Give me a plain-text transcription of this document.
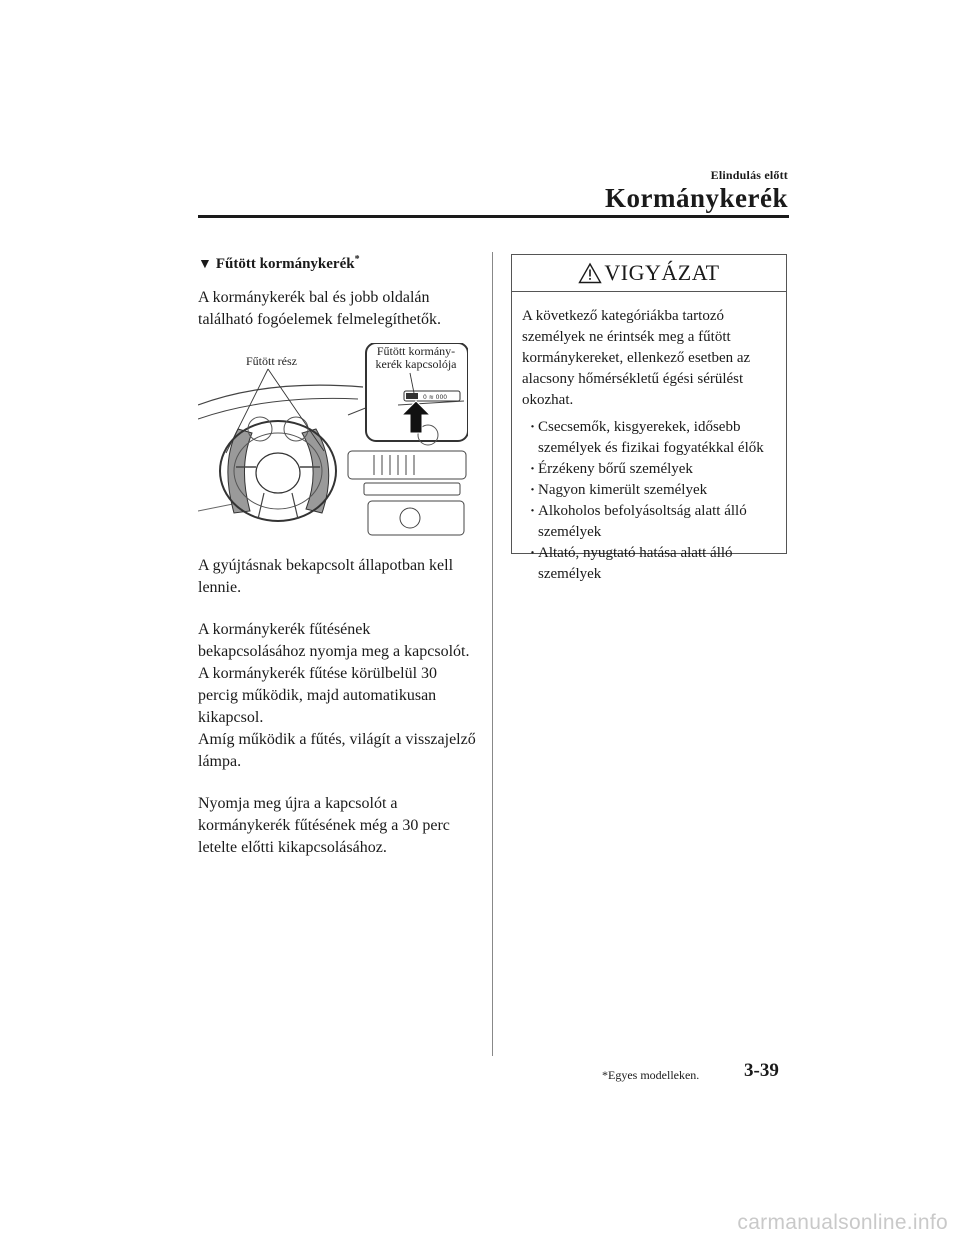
Elindulás előtt
Kormánykerék
▼ Fűtött kormánykerék*

A kormánykerék bal és jobb oldalán található fogóelemek felmelegíthetők.

0 ≋ 000
Fűtött rész
Fűtött kormány-
kerék kapcsolója

A gyújtásnak bekapcsolt állapotban kell lennie.

A kormánykerék fűtésének bekapcsolásához nyomja meg a kapcsolót. A kormánykerék fűtése körülbelül 30 percig működik, majd automatikusan kikapcsol.

Amíg működik a fűtés, világít a visszajelző lámpa.

Nyomja meg újra a kapcsolót a kormánykerék fűtésének még a 30 perc letelte előtti kikapcsolásához.

VIGYÁZAT

A következő kategóriákba tartozó személyek ne érintsék meg a fűtött kormánykereket, ellenkező esetben az alacsony hőmérsékletű égési sérülést okozhat.

· Csecsemők, kisgyerekek, idősebb személyek és fizikai fogyatékkal élők
· Érzékeny bőrű személyek
· Nagyon kimerült személyek
· Alkoholos befolyásoltság alatt álló személyek
· Altató, nyugtató hatása alatt álló személyek
*Egyes modelleken. 3-39
carmanualsonline.info
